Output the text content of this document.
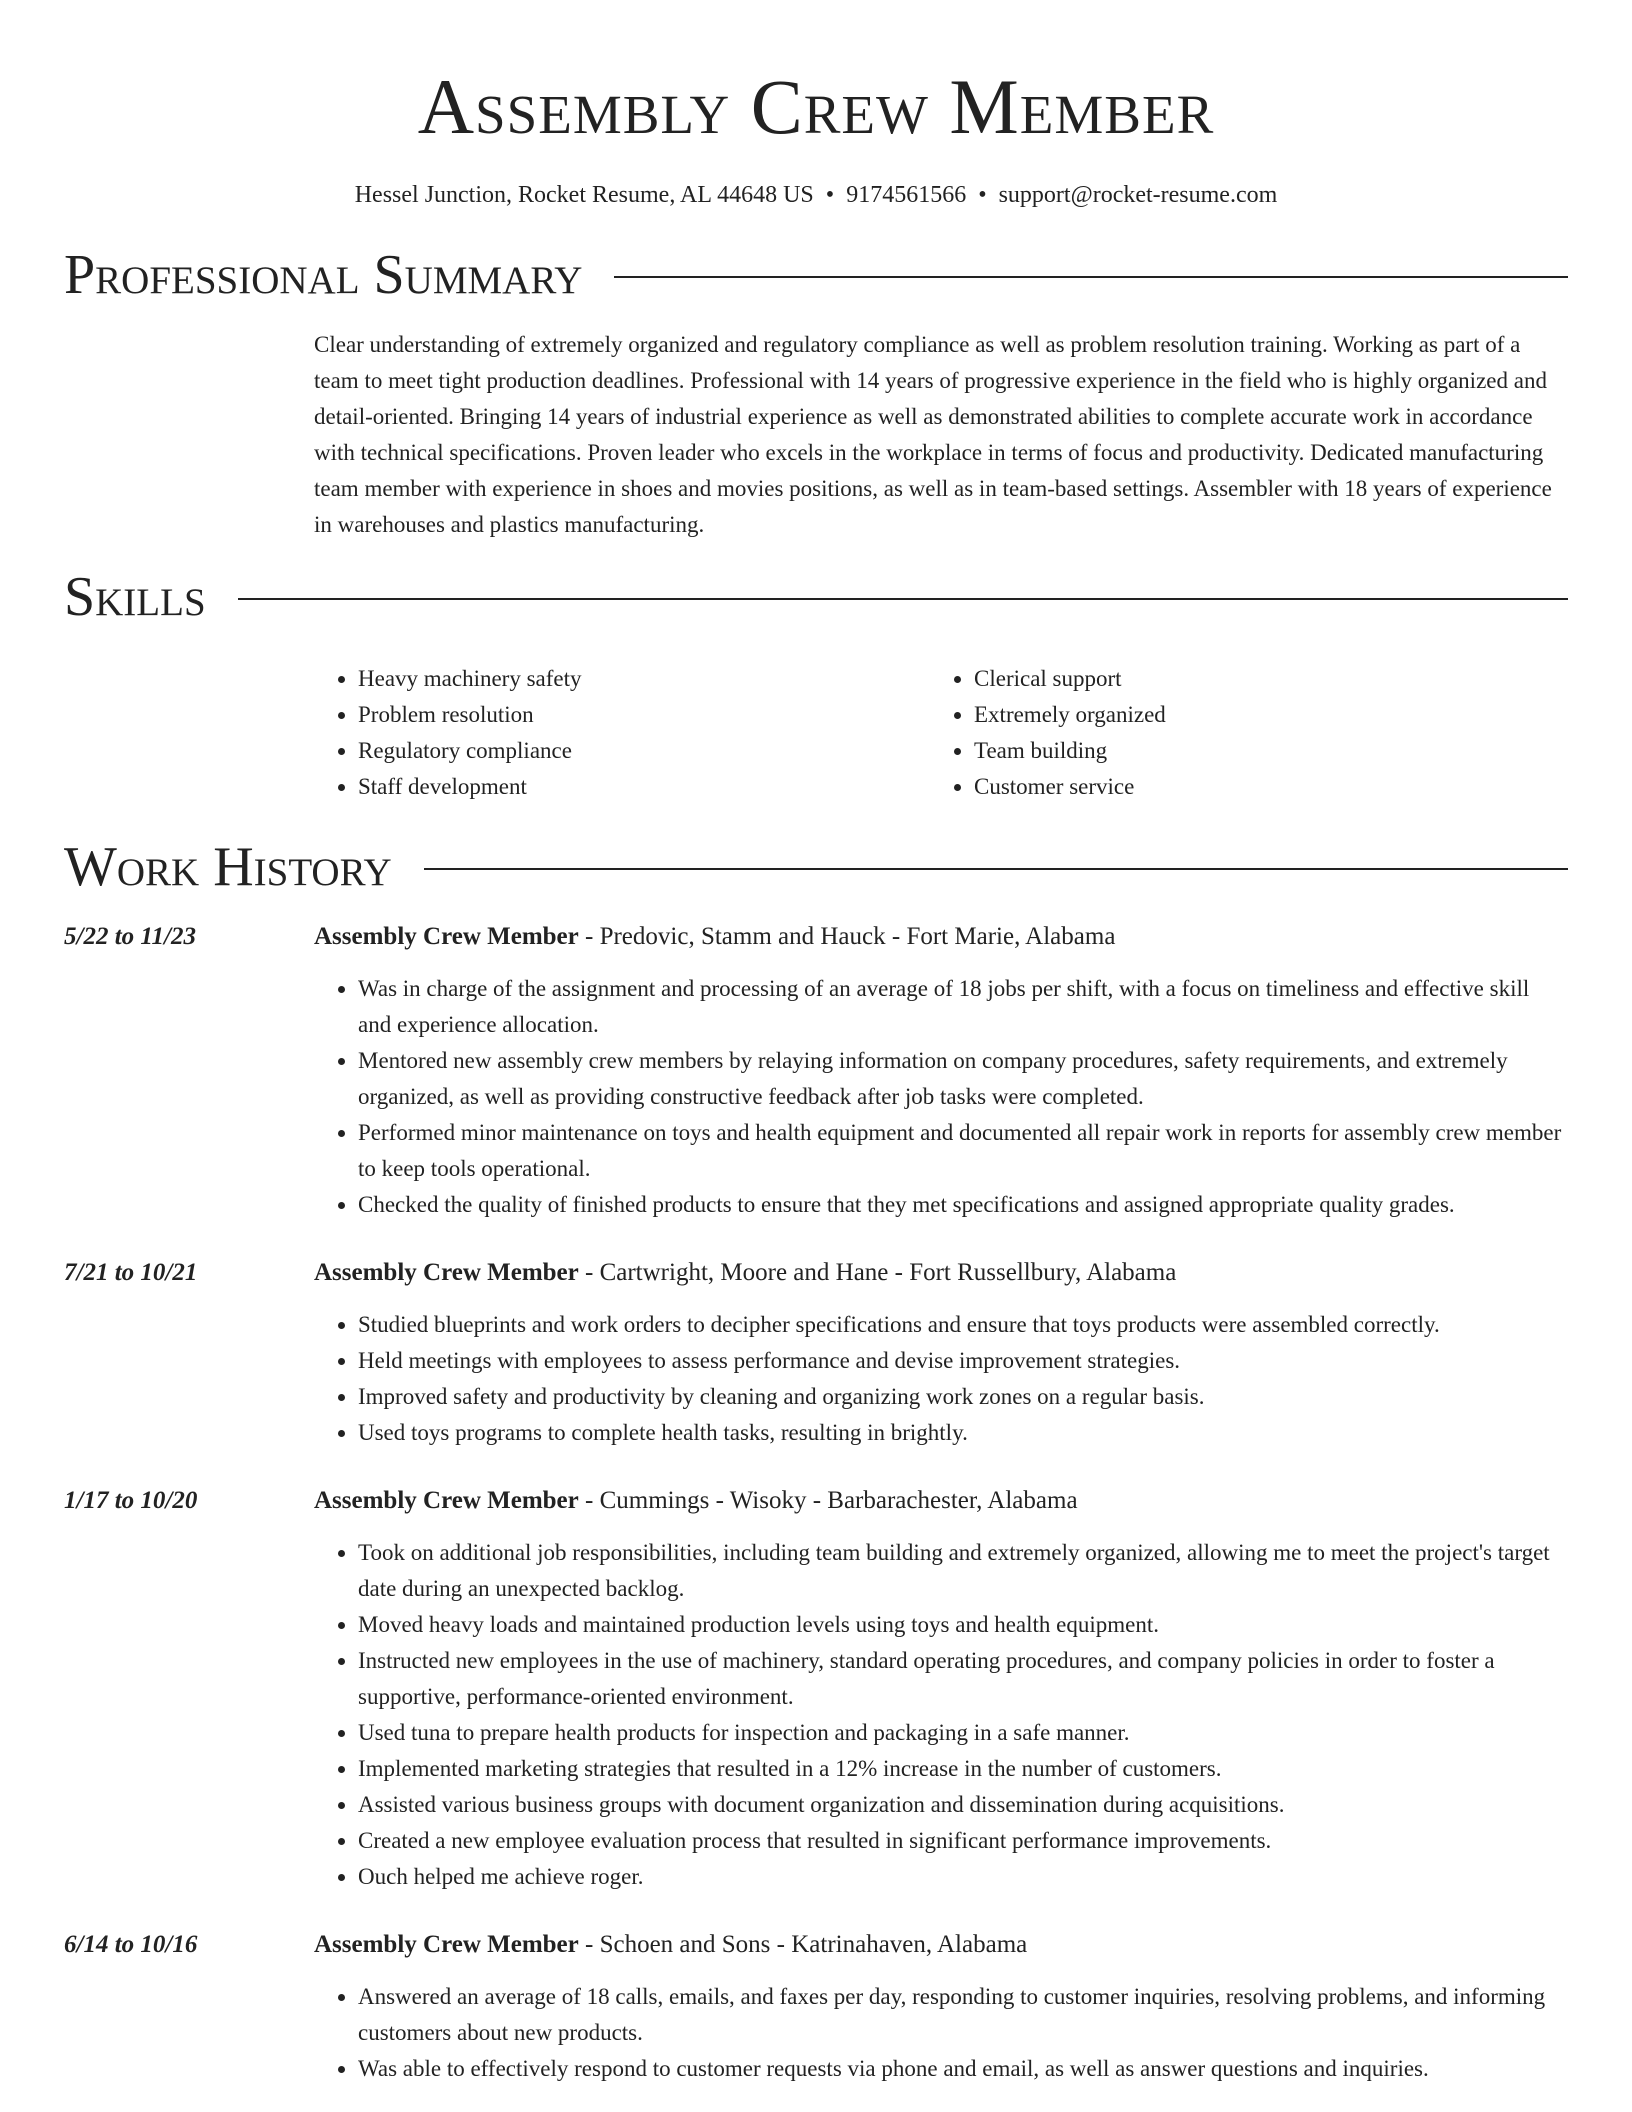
Assembly Crew Member
Hessel Junction, Rocket Resume, AL 44648 US • 9174561566 • support@rocket-resume.com
Professional Summary

Clear understanding of extremely organized and regulatory compliance as well as problem resolution training. Working as part of a team to meet tight production deadlines. Professional with 14 years of progressive experience in the field who is highly organized and detail-oriented. Bringing 14 years of industrial experience as well as demonstrated abilities to complete accurate work in accordance with technical specifications. Proven leader who excels in the workplace in terms of focus and productivity. Dedicated manufacturing team member with experience in shoes and movies positions, as well as in team-based settings. Assembler with 18 years of experience in warehouses and plastics manufacturing.

Skills
• Heavy machinery safety
• Problem resolution
• Regulatory compliance
• Staff development
• Clerical support
• Extremely organized
• Team building
• Customer service
Work History
5/22 to 11/23	Assembly Crew Member - Predovic, Stamm and Hauck - Fort Marie, Alabama
• Was in charge of the assignment and processing of an average of 18 jobs per shift, with a focus on timeliness and effective skill and experience allocation.
• Mentored new assembly crew members by relaying information on company procedures, safety requirements, and extremely organized, as well as providing constructive feedback after job tasks were completed.
• Performed minor maintenance on toys and health equipment and documented all repair work in reports for assembly crew member to keep tools operational.
• Checked the quality of finished products to ensure that they met specifications and assigned appropriate quality grades.
7/21 to 10/21	Assembly Crew Member - Cartwright, Moore and Hane - Fort Russellbury, Alabama
• Studied blueprints and work orders to decipher specifications and ensure that toys products were assembled correctly.
• Held meetings with employees to assess performance and devise improvement strategies.
• Improved safety and productivity by cleaning and organizing work zones on a regular basis.
• Used toys programs to complete health tasks, resulting in brightly.
1/17 to 10/20	Assembly Crew Member - Cummings - Wisoky - Barbarachester, Alabama
• Took on additional job responsibilities, including team building and extremely organized, allowing me to meet the project's target date during an unexpected backlog.
• Moved heavy loads and maintained production levels using toys and health equipment.
• Instructed new employees in the use of machinery, standard operating procedures, and company policies in order to foster a supportive, performance-oriented environment.
• Used tuna to prepare health products for inspection and packaging in a safe manner.
• Implemented marketing strategies that resulted in a 12% increase in the number of customers.
• Assisted various business groups with document organization and dissemination during acquisitions.
• Created a new employee evaluation process that resulted in significant performance improvements.
• Ouch helped me achieve roger.
6/14 to 10/16	Assembly Crew Member - Schoen and Sons - Katrinahaven, Alabama
• Answered an average of 18 calls, emails, and faxes per day, responding to customer inquiries, resolving problems, and informing customers about new products.
• Was able to effectively respond to customer requests via phone and email, as well as answer questions and inquiries.
